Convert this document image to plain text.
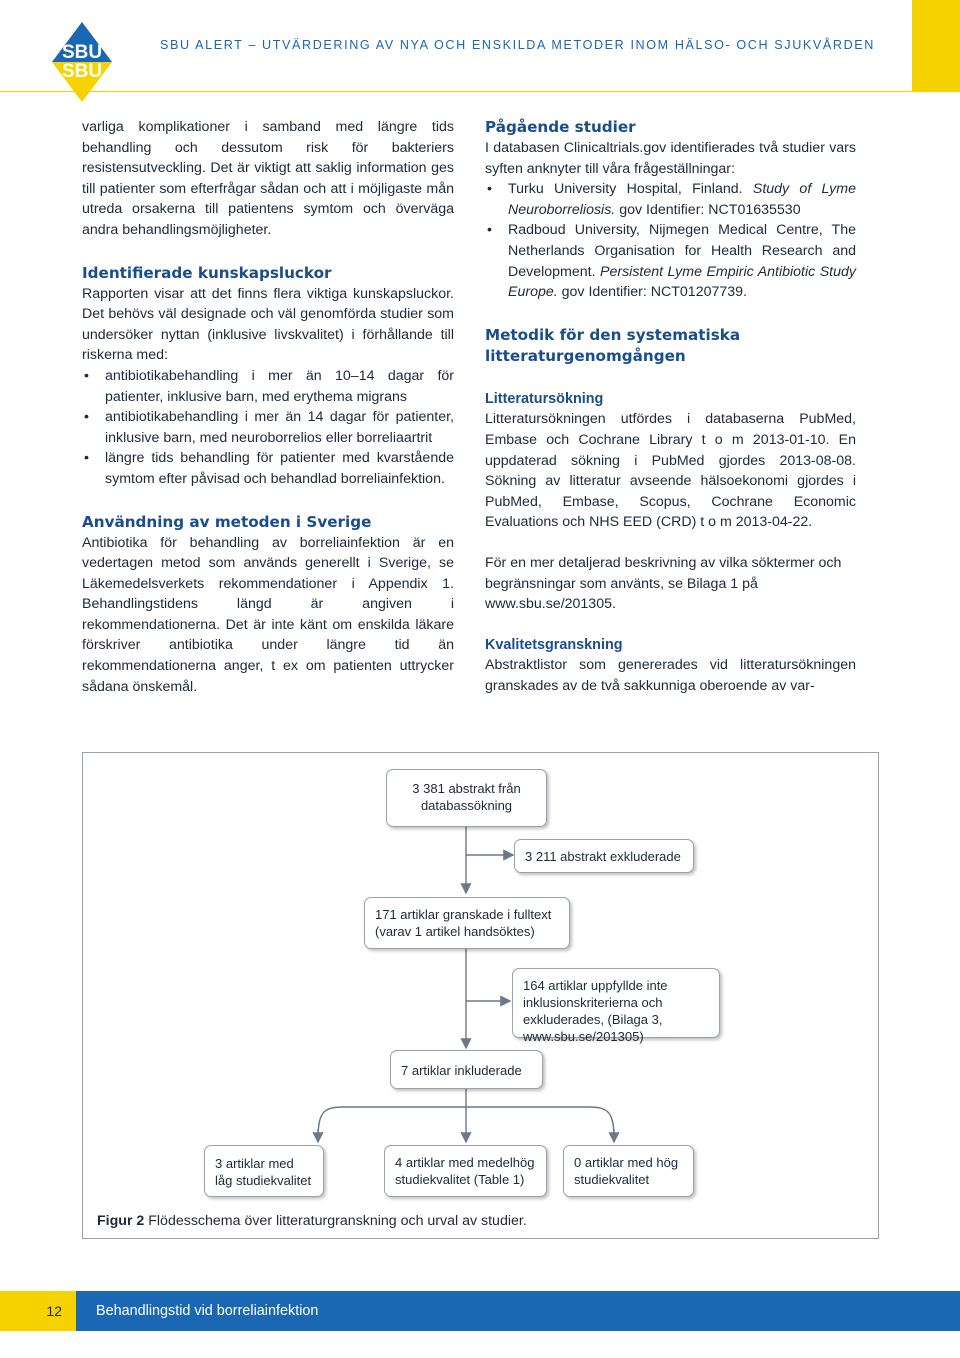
SBU
SBU
SBU ALERT – UTVÄRDERING AV NYA OCH ENSKILDA METODER INOM HÄLSO- OCH SJUKVÅRDEN

varliga komplikationer i samband med längre tids behandling och dessutom risk för bakteriers resistensutveckling. Det är viktigt att saklig information ges till patienter som efterfrågar sådan och att i möjligaste mån utreda orsakerna till patientens symtom och överväga andra behandlingsmöjligheter.

Identifierade kunskapsluckor

Rapporten visar att det finns flera viktiga kunskapsluckor. Det behövs väl designade och väl genomförda studier som undersöker nyttan (inklusive livskvalitet) i förhållande till riskerna med:

• antibiotikabehandling i mer än 10–14 dagar för patienter, inklusive barn, med erythema migrans
• antibiotikabehandling i mer än 14 dagar för patienter, inklusive barn, med neuroborrelios eller borreliaartrit
• längre tids behandling för patienter med kvarstående symtom efter påvisad och behandlad borreliainfektion.
Användning av metoden i Sverige

Antibiotika för behandling av borreliainfektion är en vedertagen metod som används generellt i Sverige, se Läkemedelsverkets rekommendationer i Appendix 1. Behandlingstidens längd är angiven i rekommendationerna. Det är inte känt om enskilda läkare förskriver antibiotika under längre tid än rekommendationerna anger, t ex om patienten uttrycker sådana önskemål.

Pågående studier

I databasen Clinicaltrials.gov identifierades två studier vars syften anknyter till våra frågeställningar:

• Turku University Hospital, Finland. Study of Lyme Neuroborreliosis. gov Identifier: NCT01635530
• Radboud University, Nijmegen Medical Centre, The Netherlands Organisation for Health Research and Development. Persistent Lyme Empiric Antibiotic Study Europe. gov Identifier: NCT01207739.
Metodik för den systematiska litteraturgenomgången
Litteratursökning

Litteratursökningen utfördes i databaserna PubMed, Embase och Cochrane Library t o m 2013-01-10. En uppdaterad sökning i PubMed gjordes 2013-08-08. Sökning av litteratur avseende hälsoekonomi gjordes i PubMed, Embase, Scopus, Cochrane Economic Evaluations och NHS EED (CRD) t o m 2013-04-22.

För en mer detaljerad beskrivning av vilka söktermer och begränsningar som använts, se Bilaga 1 på www.sbu.se/201305.

Kvalitetsgranskning

Abstraktlistor som genererades vid litteratursökningen granskades av de två sakkunniga oberoende av var-

3 381 abstrakt från databassökning
3 211 abstrakt exkluderade
171 artiklar granskade i fulltext (varav 1 artikel handsöktes)
164 artiklar uppfyllde inte inklusionskriterierna och exkluderades, (Bilaga 3, www.sbu.se/201305)
7 artiklar inkluderade
3 artiklar med låg studiekvalitet
4 artiklar med medelhög studiekvalitet (Table 1)
0 artiklar med hög studiekvalitet
Figur 2 Flödesschema över litteraturgranskning och urval av studier.
12	Behandlingstid vid borreliainfektion
